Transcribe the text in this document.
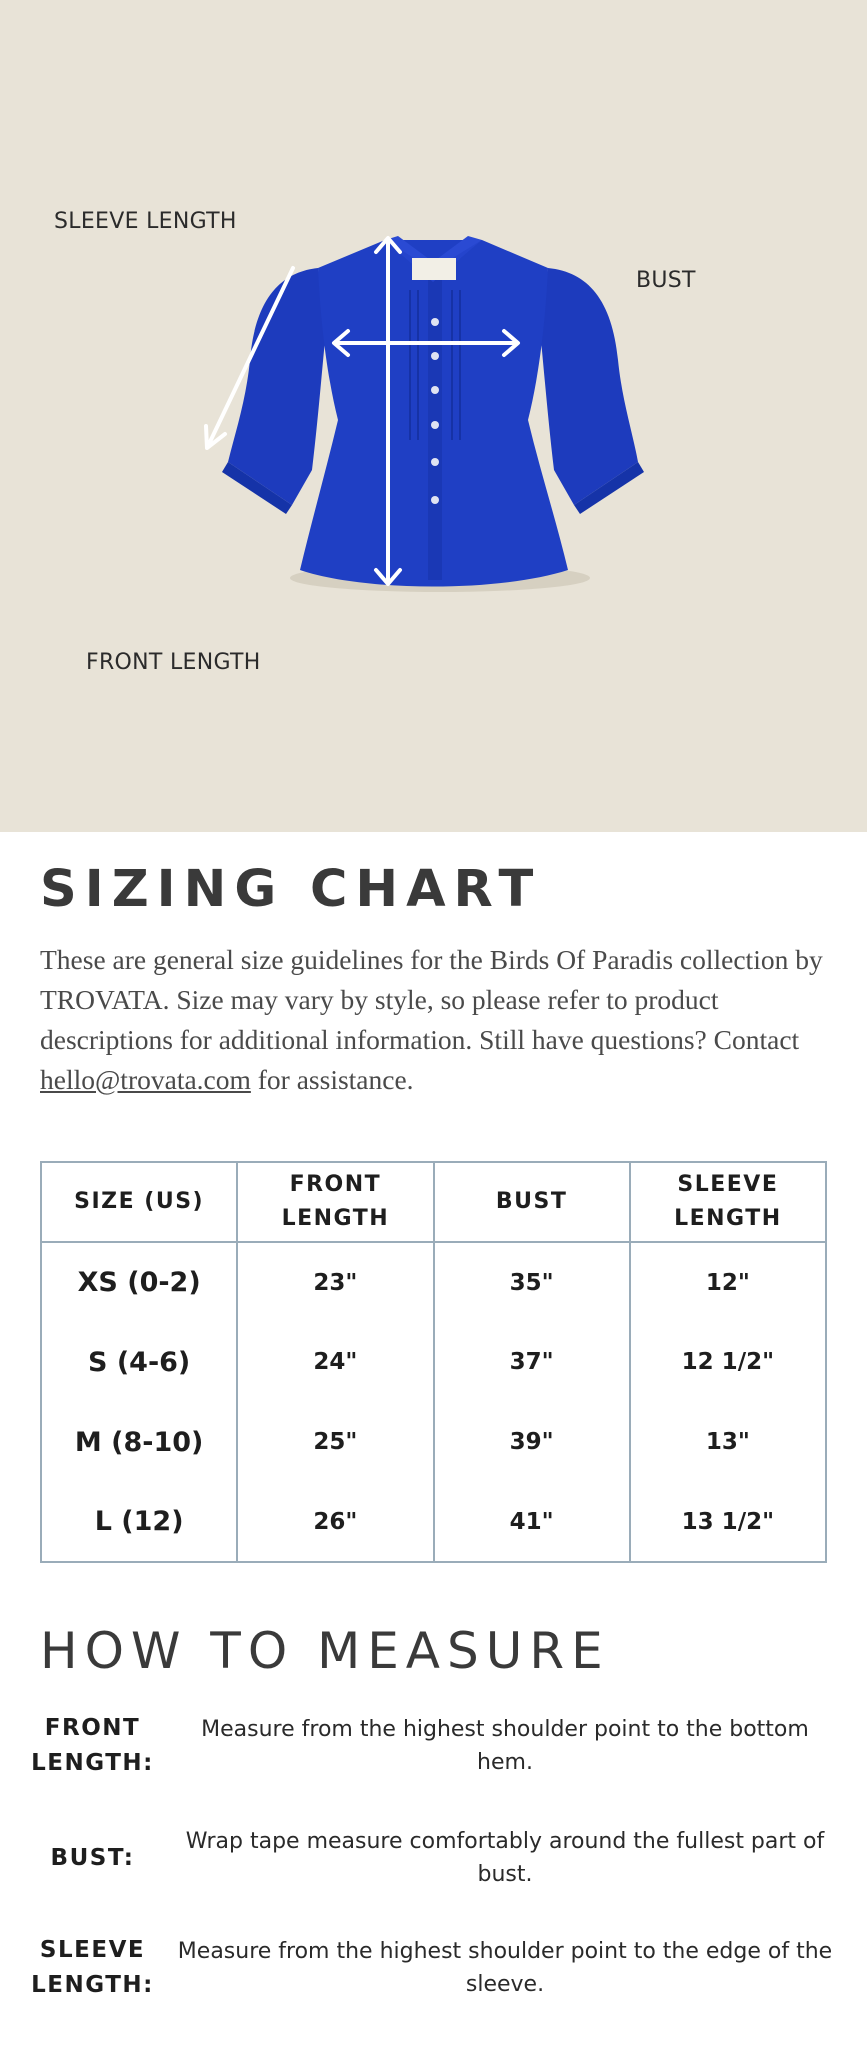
SLEEVE LENGTH
BUST
FRONT LENGTH
SIZING CHART

These are general size guidelines for the Birds Of Paradis collection by TROVATA. Size may vary by style, so please refer to product descriptions for additional information. Still have questions? Contact hello@trovata.com for assistance.

SIZE (US)	FRONT LENGTH	BUST	SLEEVE LENGTH
XS (0-2)	23"	35"	12"
S (4-6)	24"	37"	12 1/2"
M (8-10)	25"	39"	13"
L (12)	26"	41"	13 1/2"
HOW TO MEASURE
FRONT LENGTH:
Measure from the highest shoulder point to the bottom hem.
BUST:
Wrap tape measure comfortably around the fullest part of bust.
SLEEVE LENGTH:
Measure from the highest shoulder point to the edge of the sleeve.
